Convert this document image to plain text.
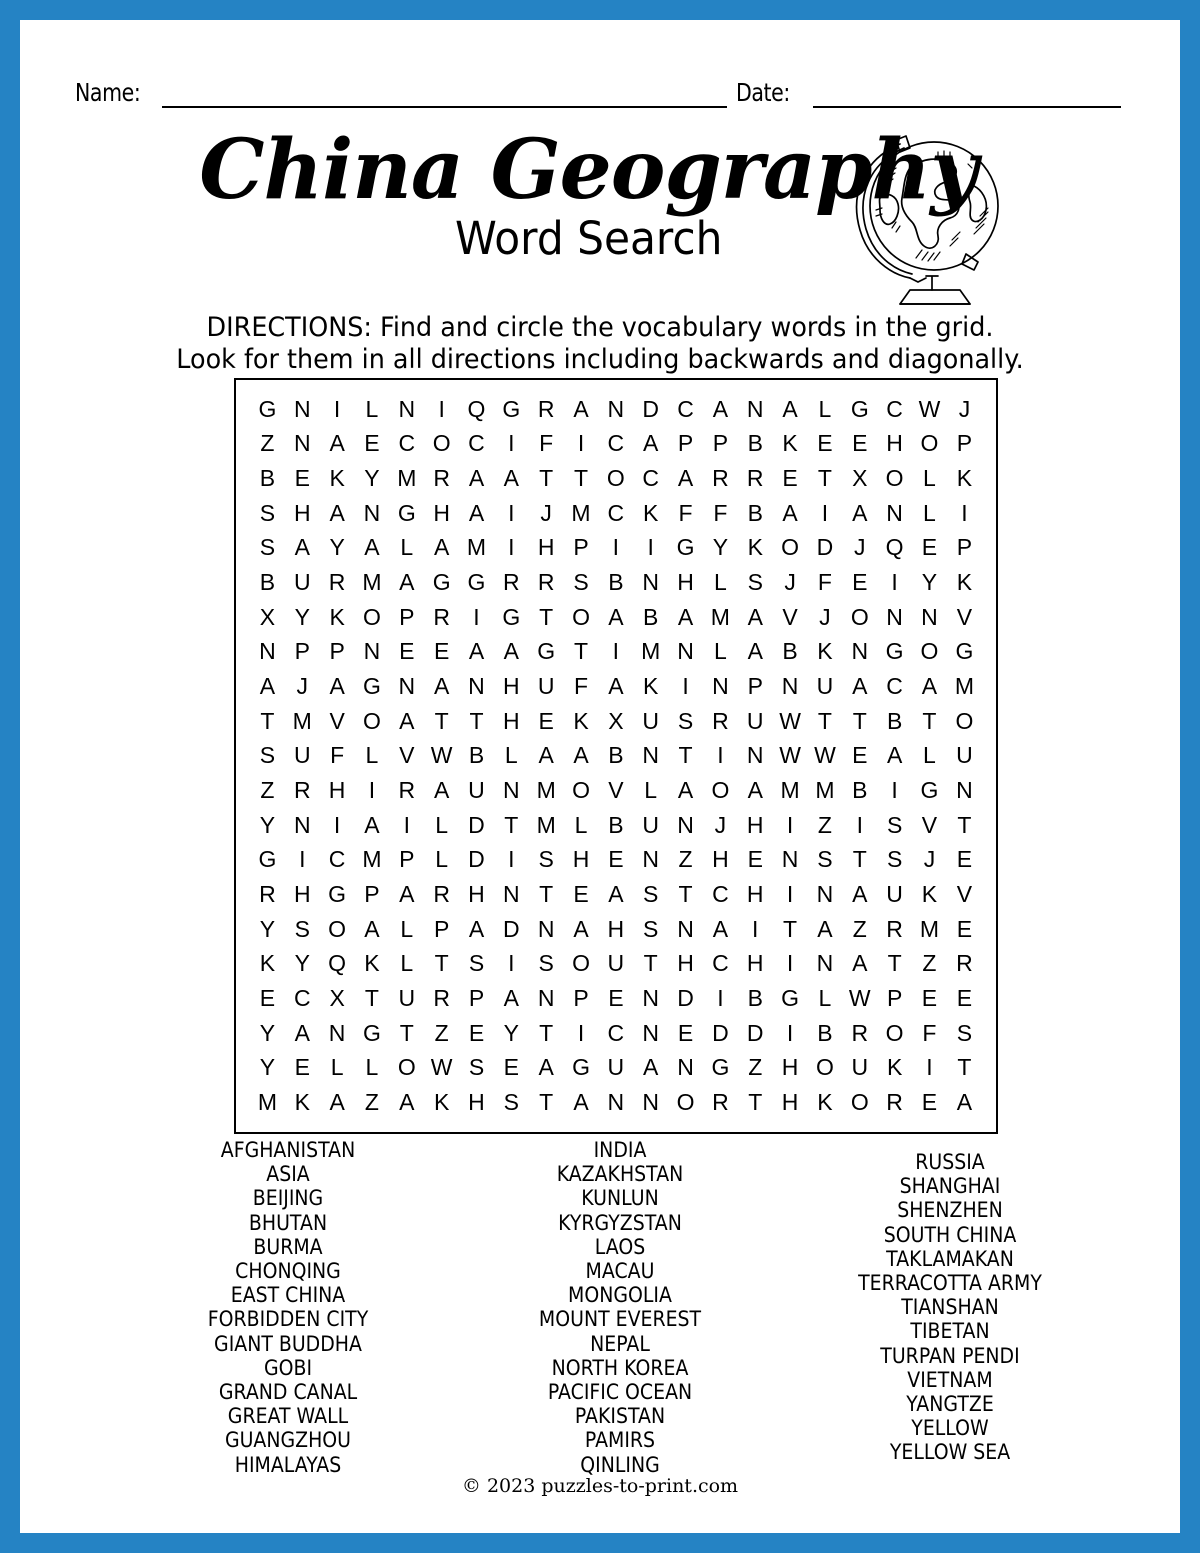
Name:	Date:
China Geography
Word Search
DIRECTIONS: Find and circle the vocabulary words in the grid.
Look for them in all directions including backwards and diagonally.
G	N	I	L	N	I	Q	G	R	A	N	D	C	A	N	A	L	G	C	W	J
Z	N	A	E	C	O	C	I	F	I	C	A	P	P	B	K	E	E	H	O	P
B	E	K	Y	M	R	A	A	T	T	O	C	A	R	R	E	T	X	O	L	K
S	H	A	N	G	H	A	I	J	M	C	K	F	F	B	A	I	A	N	L	I
S	A	Y	A	L	A	M	I	H	P	I	I	G	Y	K	O	D	J	Q	E	P
B	U	R	M	A	G	G	R	R	S	B	N	H	L	S	J	F	E	I	Y	K
X	Y	K	O	P	R	I	G	T	O	A	B	A	M	A	V	J	O	N	N	V
N	P	P	N	E	E	A	A	G	T	I	M	N	L	A	B	K	N	G	O	G
A	J	A	G	N	A	N	H	U	F	A	K	I	N	P	N	U	A	C	A	M
T	M	V	O	A	T	T	H	E	K	X	U	S	R	U	W	T	T	B	T	O
S	U	F	L	V	W	B	L	A	A	B	N	T	I	N	W	W	E	A	L	U
Z	R	H	I	R	A	U	N	M	O	V	L	A	O	A	M	M	B	I	G	N
Y	N	I	A	I	L	D	T	M	L	B	U	N	J	H	I	Z	I	S	V	T
G	I	C	M	P	L	D	I	S	H	E	N	Z	H	E	N	S	T	S	J	E
R	H	G	P	A	R	H	N	T	E	A	S	T	C	H	I	N	A	U	K	V
Y	S	O	A	L	P	A	D	N	A	H	S	N	A	I	T	A	Z	R	M	E
K	Y	Q	K	L	T	S	I	S	O	U	T	H	C	H	I	N	A	T	Z	R
E	C	X	T	U	R	P	A	N	P	E	N	D	I	B	G	L	W	P	E	E
Y	A	N	G	T	Z	E	Y	T	I	C	N	E	D	D	I	B	R	O	F	S
Y	E	L	L	O	W	S	E	A	G	U	A	N	G	Z	H	O	U	K	I	T
M	K	A	Z	A	K	H	S	T	A	N	N	O	R	T	H	K	O	R	E	A
AFGHANISTAN
ASIA
BEIJING
BHUTAN
BURMA
CHONQING
EAST CHINA
FORBIDDEN CITY
GIANT BUDDHA
GOBI
GRAND CANAL
GREAT WALL
GUANGZHOU
HIMALAYAS
INDIA
KAZAKHSTAN
KUNLUN
KYRGYZSTAN
LAOS
MACAU
MONGOLIA
MOUNT EVEREST
NEPAL
NORTH KOREA
PACIFIC OCEAN
PAKISTAN
PAMIRS
QINLING
RUSSIA
SHANGHAI
SHENZHEN
SOUTH CHINA
TAKLAMAKAN
TERRACOTTA ARMY
TIANSHAN
TIBETAN
TURPAN PENDI
VIETNAM
YANGTZE
YELLOW
YELLOW SEA
© 2023 puzzles-to-print.com
